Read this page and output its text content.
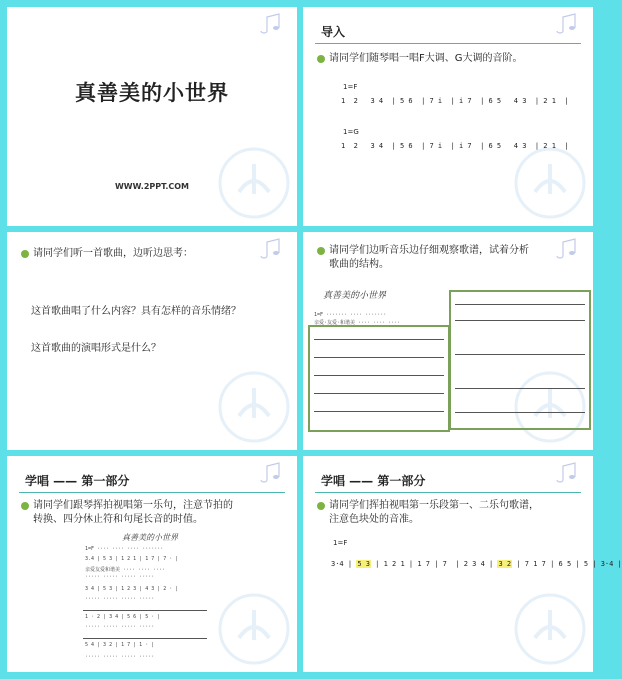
真善美的小世界
WWW.2PPT.COM
导入
请同学们随琴唱一唱F大调、G大调的音阶。
1=F
1  2   3 4  | 5 6  | 7 i  | i 7  | 6 5   4 3  | 2 1  |
1=G
1  2   3 4  | 5 6  | 7 i  | i 7  | 6 5   4 3  | 2 1  |
请同学们听一首歌曲，边听边思考：
这首歌曲唱了什么内容？具有怎样的音乐情绪？
这首歌曲的演唱形式是什么？
请同学们边听音乐边仔细观察歌谱，试着分析
歌曲的结构。
真善美的小世界
1=F ······· ···· ·······
亲爱·友爱·和谐美 ···· ···· ····
学唱 —— 第一部分
请同学们跟琴挥拍视唱第一乐句，注意节拍的
转换、四分休止符和句尾长音的时值。
真善美的小世界
1=F ···· ···· ···· ·······
3.4 | 5 3 | 1 2 1 | 1 7 | 7 · |
亲爱友爱和谐美 ···· ···· ····
····· ····· ····· ·····
3 4 | 5 3 | 1 2 3 | 4 3 | 2 · |
····· ····· ····· ·····
1 · 2 | 3 4 | 5 6 | 5 · |
····· ····· ····· ·····
5 4 | 3 2 | 1 7 | 1 · |
····· ····· ····· ·····
学唱 —— 第一部分
请同学们挥拍视唱第一乐段第一、二乐句歌谱，
注意色块处的音准。
1=F
3·4 | 5 3 | 1 2 1 | 1 7 | 7  | 2 3 4 | 3 2 | 7 1 7 | 6 5 | 5 | 3·4 |
